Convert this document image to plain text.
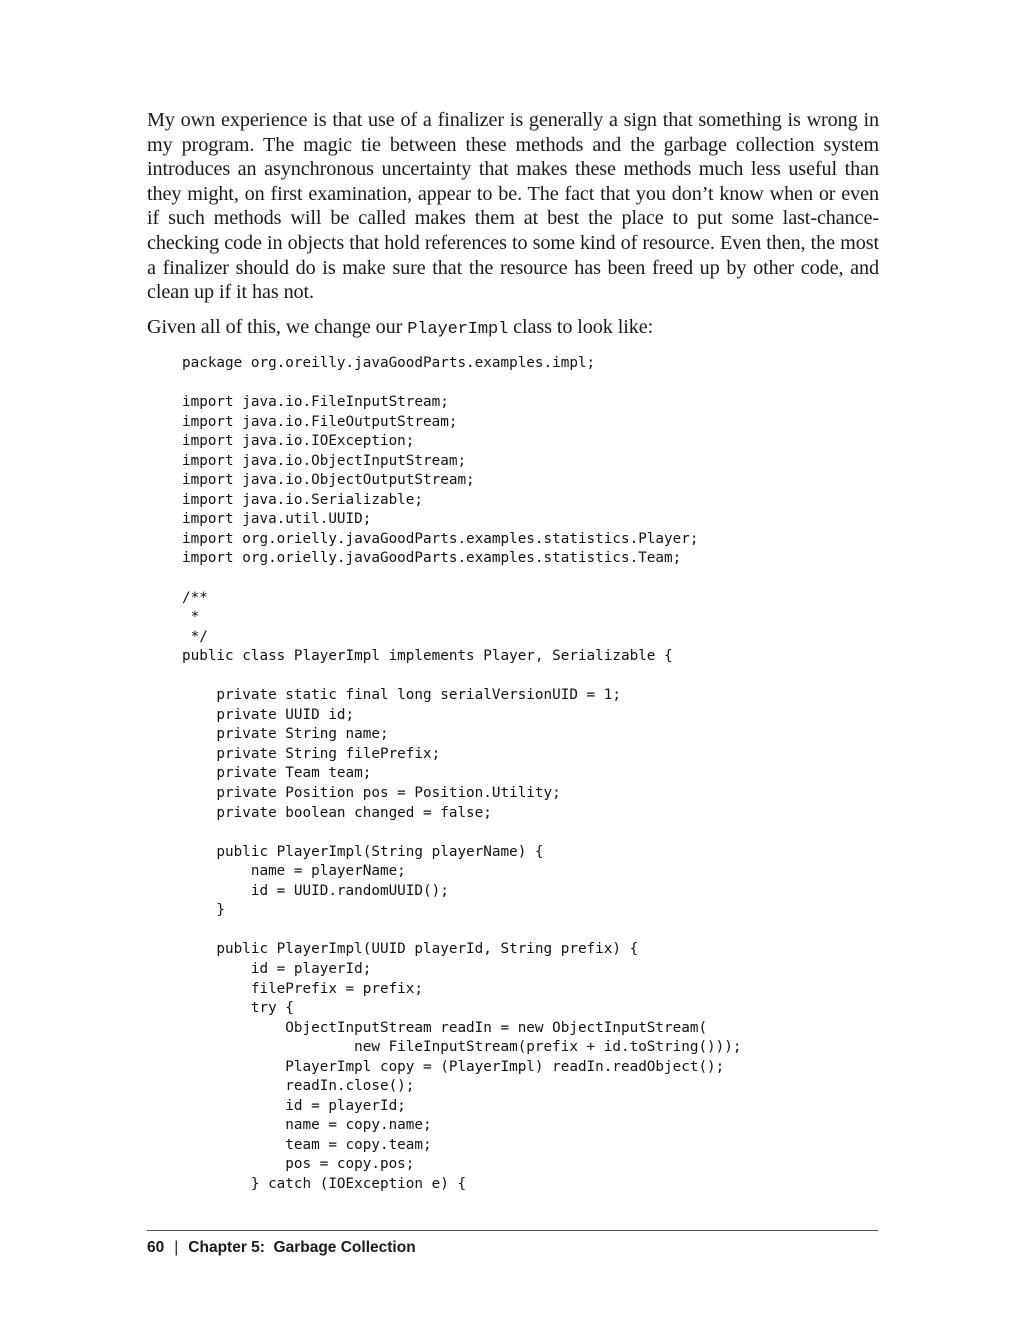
My own experience is that use of a finalizer is generally a sign that something is wrong in my program. The magic tie between these methods and the garbage collection system introduces an asynchronous uncertainty that makes these methods much less useful than they might, on first examination, appear to be. The fact that you don’t know when or even if such methods will be called makes them at best the place to put some last-chance-checking code in objects that hold references to some kind of resource. Even then, the most a finalizer should do is make sure that the resource has been freed up by other code, and clean up if it has not.

Given all of this, we change our PlayerImpl class to look like:

package org.oreilly.javaGoodParts.examples.impl;

import java.io.FileInputStream;
import java.io.FileOutputStream;
import java.io.IOException;
import java.io.ObjectInputStream;
import java.io.ObjectOutputStream;
import java.io.Serializable;
import java.util.UUID;
import org.orielly.javaGoodParts.examples.statistics.Player;
import org.orielly.javaGoodParts.examples.statistics.Team;

/**
*
*/
public class PlayerImpl implements Player, Serializable {

private static final long serialVersionUID = 1;
private UUID id;
private String name;
private String filePrefix;
private Team team;
private Position pos = Position.Utility;
private boolean changed = false;

public PlayerImpl(String playerName) {
name = playerName;
id = UUID.randomUUID();
}

public PlayerImpl(UUID playerId, String prefix) {
id = playerId;
filePrefix = prefix;
try {
ObjectInputStream readIn = new ObjectInputStream(
new FileInputStream(prefix + id.toString()));
PlayerImpl copy = (PlayerImpl) readIn.readObject();
readIn.close();
id = playerId;
name = copy.name;
team = copy.team;
pos = copy.pos;
} catch (IOException e) {
60 | Chapter 5:  Garbage Collection
